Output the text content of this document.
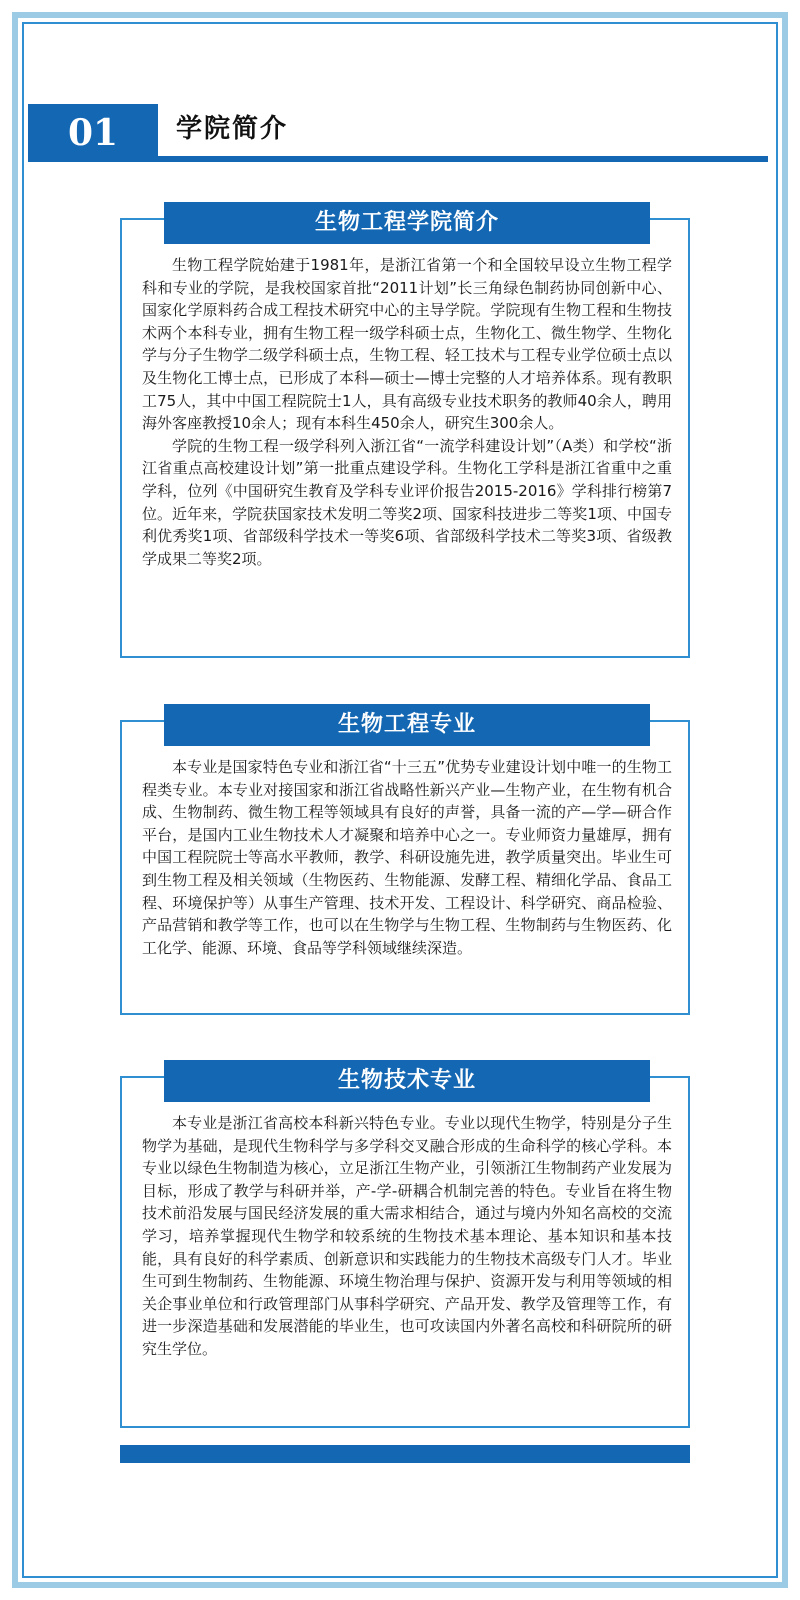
01	学院简介
生物工程学院简介

生物工程学院始建于1981年，是浙江省第一个和全国较早设立生物工程学科和专业的学院，是我校国家首批“2011计划”长三角绿色制药协同创新中心、国家化学原料药合成工程技术研究中心的主导学院。学院现有生物工程和生物技术两个本科专业，拥有生物工程一级学科硕士点，生物化工、微生物学、生物化学与分子生物学二级学科硕士点，生物工程、轻工技术与工程专业学位硕士点以及生物化工博士点，已形成了本科—硕士—博士完整的人才培养体系。现有教职工75人，其中中国工程院院士1人，具有高级专业技术职务的教师40余人，聘用海外客座教授10余人；现有本科生450余人，研究生300余人。

学院的生物工程一级学科列入浙江省“一流学科建设计划”（A类）和学校“浙江省重点高校建设计划”第一批重点建设学科。生物化工学科是浙江省重中之重学科，位列《中国研究生教育及学科专业评价报告2015-2016》学科排行榜第7位。近年来，学院获国家技术发明二等奖2项、国家科技进步二等奖1项、中国专利优秀奖1项、省部级科学技术一等奖6项、省部级科学技术二等奖3项、省级教学成果二等奖2项。

生物工程专业

本专业是国家特色专业和浙江省“十三五”优势专业建设计划中唯一的生物工程类专业。本专业对接国家和浙江省战略性新兴产业—生物产业，在生物有机合成、生物制药、微生物工程等领域具有良好的声誉，具备一流的产—学—研合作平台，是国内工业生物技术人才凝聚和培养中心之一。专业师资力量雄厚，拥有中国工程院院士等高水平教师，教学、科研设施先进，教学质量突出。毕业生可到生物工程及相关领域（生物医药、生物能源、发酵工程、精细化学品、食品工程、环境保护等）从事生产管理、技术开发、工程设计、科学研究、商品检验、产品营销和教学等工作，也可以在生物学与生物工程、生物制药与生物医药、化工化学、能源、环境、食品等学科领域继续深造。

生物技术专业

本专业是浙江省高校本科新兴特色专业。专业以现代生物学，特别是分子生物学为基础，是现代生物科学与多学科交叉融合形成的生命科学的核心学科。本专业以绿色生物制造为核心，立足浙江生物产业，引领浙江生物制药产业发展为目标，形成了教学与科研并举，产-学-研耦合机制完善的特色。专业旨在将生物技术前沿发展与国民经济发展的重大需求相结合，通过与境内外知名高校的交流学习，培养掌握现代生物学和较系统的生物技术基本理论、基本知识和基本技能，具有良好的科学素质、创新意识和实践能力的生物技术高级专门人才。毕业生可到生物制药、生物能源、环境生物治理与保护、资源开发与利用等领域的相关企事业单位和行政管理部门从事科学研究、产品开发、教学及管理等工作，有进一步深造基础和发展潜能的毕业生，也可攻读国内外著名高校和科研院所的研究生学位。
